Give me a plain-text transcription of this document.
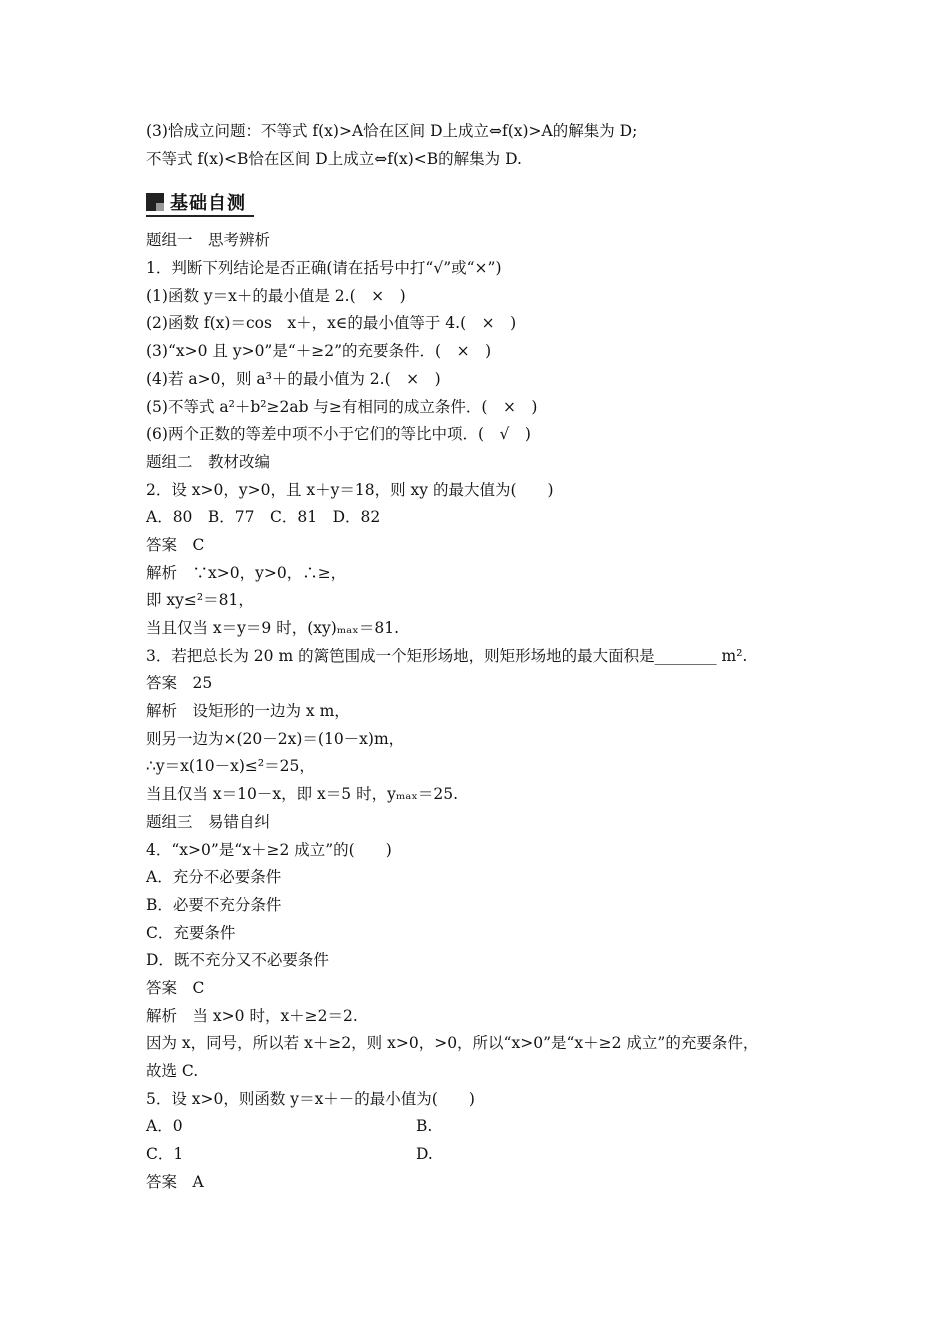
(3)恰成立问题：不等式 f(x)>A恰在区间 D上成立⇔f(x)>A的解集为 D;
不等式 f(x)<B恰在区间 D上成立⇔f(x)<B的解集为 D.
基础自测
题组一　思考辨析
1．判断下列结论是否正确(请在括号中打“√”或“×”)
(1)函数 y＝x＋的最小值是 2.(　×　)
(2)函数 f(x)＝cos　x＋，x∈的最小值等于 4.(　×　)
(3)“x>0 且 y>0”是“＋≥2”的充要条件．(　×　)
(4)若 a>0，则 a³＋的最小值为 2.(　×　)
(5)不等式 a²＋b²≥2ab 与≥有相同的成立条件．(　×　)
(6)两个正数的等差中项不小于它们的等比中项．(　√　)
题组二　教材改编
2．设 x>0，y>0，且 x＋y＝18，则 xy 的最大值为(　　)
A．80　B．77　C．81　D．82
答案　C
解析　∵x>0，y>0，∴≥，
即 xy≤²＝81，
当且仅当 x＝y＝9 时，(xy)ₘₐₓ＝81.
3．若把总长为 20 m 的篱笆围成一个矩形场地，则矩形场地的最大面积是________ m².
答案　25
解析　设矩形的一边为 x m，
则另一边为×(20－2x)＝(10－x)m，
∴y＝x(10－x)≤²＝25，
当且仅当 x＝10－x，即 x＝5 时，yₘₐₓ＝25.
题组三　易错自纠
4．“x>0”是“x＋≥2 成立”的(　　)
A．充分不必要条件
B．必要不充分条件
C．充要条件
D．既不充分又不必要条件
答案　C
解析　当 x>0 时，x＋≥2＝2.
因为 x，同号，所以若 x＋≥2，则 x>0，>0，所以“x>0”是“x＋≥2 成立”的充要条件，
故选 C.
5．设 x>0，则函数 y＝x＋－的最小值为(　　)
A．0	B.
C．1	D.
答案　A
